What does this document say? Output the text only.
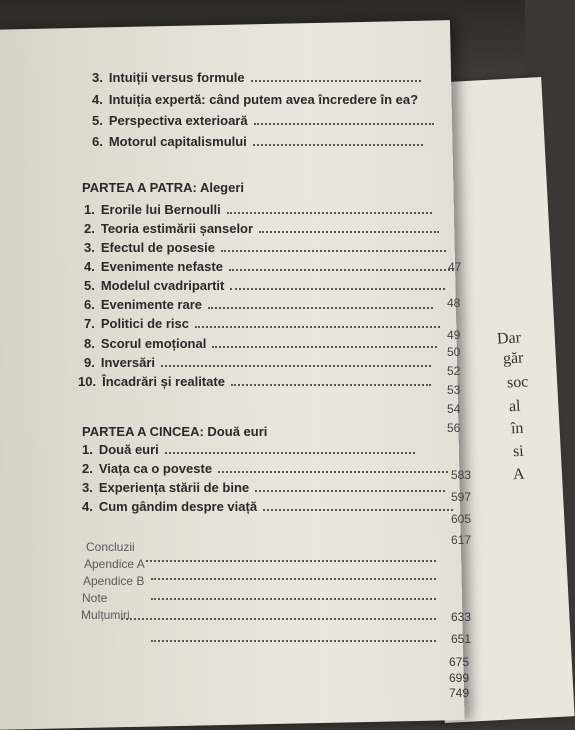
Dar
găr
soc
al
în
si
A
3. Intuiții versus formule
4. Intuiția expertă: când putem avea încredere în ea?
5. Perspectiva exterioară
6. Motorul capitalismului
PARTEA A PATRA: Alegeri
1. Erorile lui Bernoulli
2. Teoria estimării șanselor
3. Efectul de posesie
4. Evenimente nefaste
5. Modelul cvadripartit
6. Evenimente rare
7. Politici de risc
8. Scorul emoțional
9. Inversări
10. Încadrări și realitate
47
48
49
50
52
53
54
56
PARTEA A CINCEA: Două euri
1. Două euri
2. Viața ca o poveste
3. Experiența stării de bine
4. Cum gândim despre viață
583
597
605
617
Concluzii
Apendice A
Apendice B
Note
Mulțumiri	633
651
675
699
749
